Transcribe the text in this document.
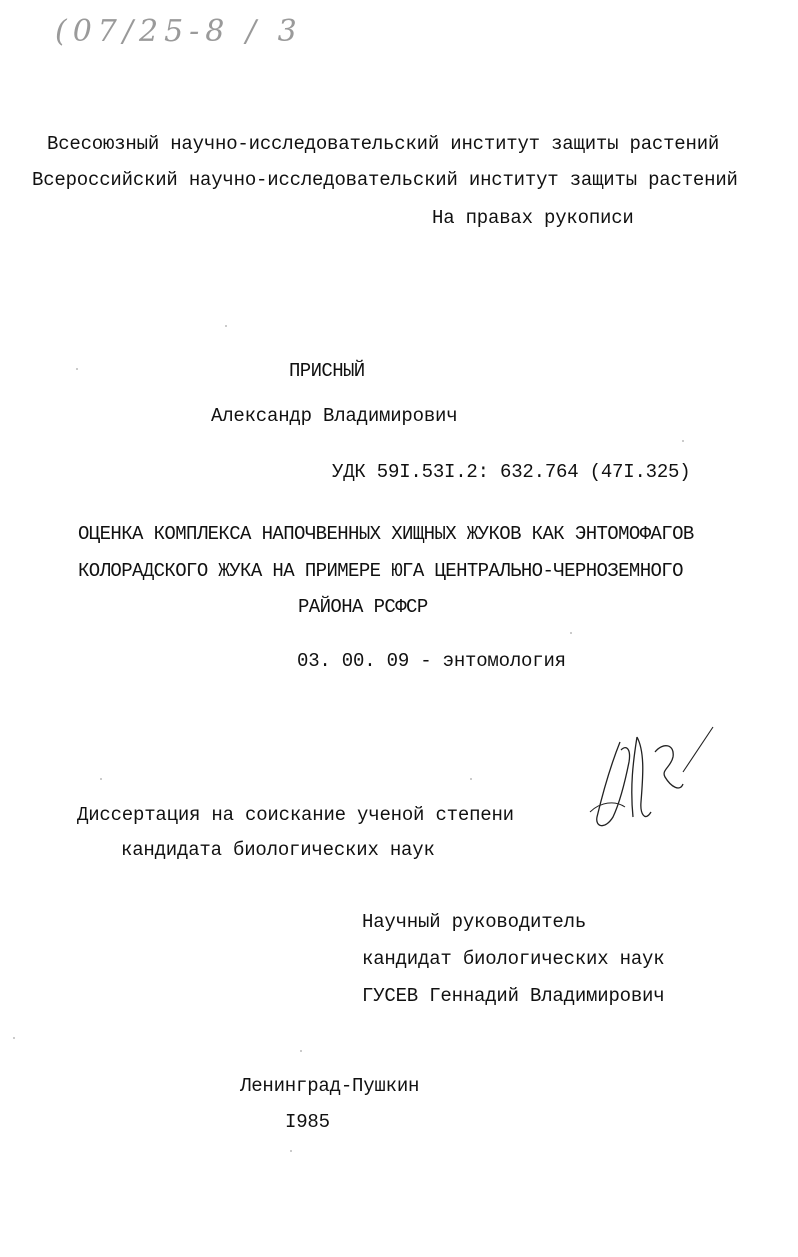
(07/25-8 / 3
Всесоюзный научно-исследовательский институт защиты растений
Всероссийский научно-исследовательский институт защиты растений
На правах рукописи
ПРИСНЫЙ
Александр Владимирович
УДК 59I.53I.2: 632.764 (47I.325)
ОЦЕНКА КОМПЛЕКСА НАПОЧВЕННЫХ ХИЩНЫХ ЖУКОВ КАК ЭНТОМОФАГОВ
КОЛОРАДСКОГО ЖУКА НА ПРИМЕРЕ ЮГА ЦЕНТРАЛЬНО-ЧЕРНОЗЕМНОГО
РАЙОНА РСФСР
03. 00. 09 - энтомология
Диссертация на соискание ученой степени
кандидата биологических наук
Научный руководитель
кандидат биологических наук
ГУСЕВ Геннадий Владимирович
Ленинград-Пушкин
I985
